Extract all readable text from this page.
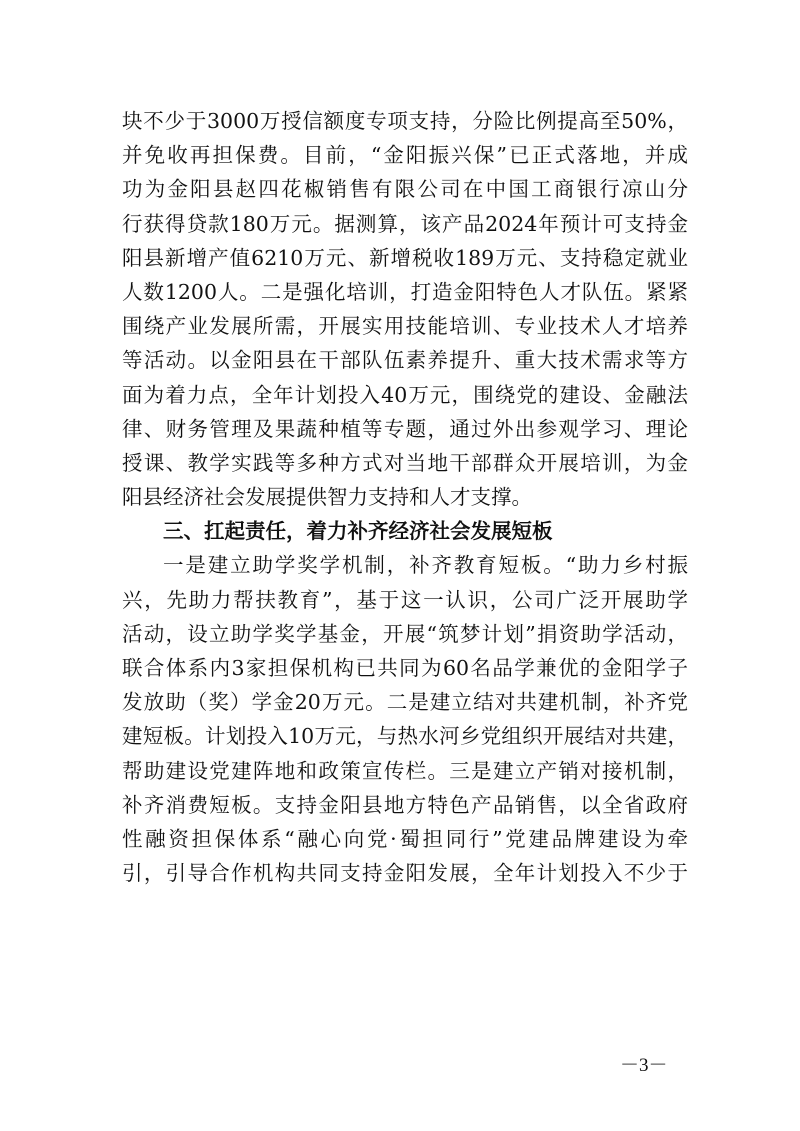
块不少于3000万授信额度专项支持，分险比例提高至50%，
并免收再担保费。目前，“金阳振兴保”已正式落地，并成
功为金阳县赵四花椒销售有限公司在中国工商银行凉山分
行获得贷款180万元。据测算，该产品2024年预计可支持金
阳县新增产值6210万元、新增税收189万元、支持稳定就业
人数1200人。二是强化培训，打造金阳特色人才队伍。紧紧
围绕产业发展所需，开展实用技能培训、专业技术人才培养
等活动。以金阳县在干部队伍素养提升、重大技术需求等方
面为着力点，全年计划投入40万元，围绕党的建设、金融法
律、财务管理及果蔬种植等专题，通过外出参观学习、理论
授课、教学实践等多种方式对当地干部群众开展培训，为金
阳县经济社会发展提供智力支持和人才支撑。
三、扛起责任，着力补齐经济社会发展短板
一是建立助学奖学机制，补齐教育短板。“助力乡村振
兴，先助力帮扶教育”，基于这一认识，公司广泛开展助学
活动，设立助学奖学基金，开展“筑梦计划”捐资助学活动，
联合体系内3家担保机构已共同为60名品学兼优的金阳学子
发放助（奖）学金20万元。二是建立结对共建机制，补齐党
建短板。计划投入10万元，与热水河乡党组织开展结对共建，
帮助建设党建阵地和政策宣传栏。三是建立产销对接机制，
补齐消费短板。支持金阳县地方特色产品销售，以全省政府
性融资担保体系“融心向党·蜀担同行”党建品牌建设为牵
引，引导合作机构共同支持金阳发展，全年计划投入不少于
－3－
